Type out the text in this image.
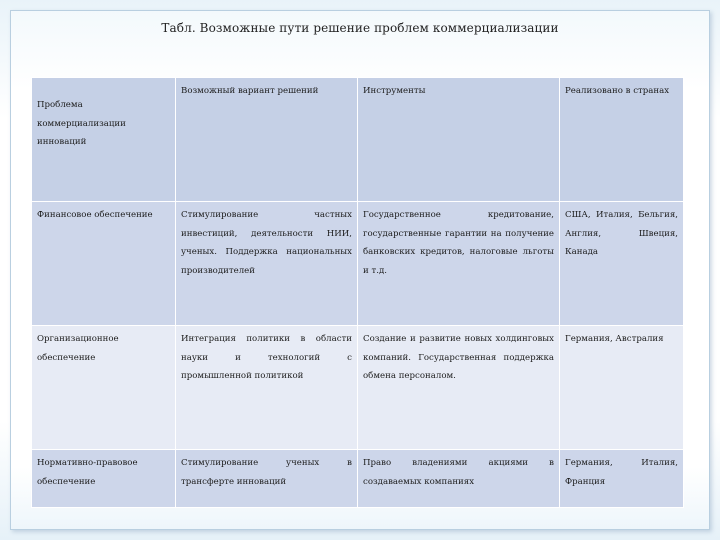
Табл. Возможные пути решение проблем коммерциализации
Проблема коммерциализации инноваций	Возможный вариант решений	Инструменты	Реализовано в странах
Финансовое обеспечение	Стимулирование частных инвестиций, деятельности НИИ, ученых. Поддержка национальных производителей	Государственное кредитование, государственные гарантии на получение банковских кредитов, налоговые льготы и т.д.	США, Италия, Бельгия, Англия, Швеция, Канада
Организационное обеспечение	Интеграция политики в области науки и технологий с промышленной политикой	Создание и развитие новых холдинговых компаний. Государственная поддержка обмена персоналом.	Германия, Австралия
Нормативно-правовое обеспечение	Стимулирование ученых в трансферте инноваций	Право владениями акциями в создаваемых компаниях	Германия, Италия, Франция
